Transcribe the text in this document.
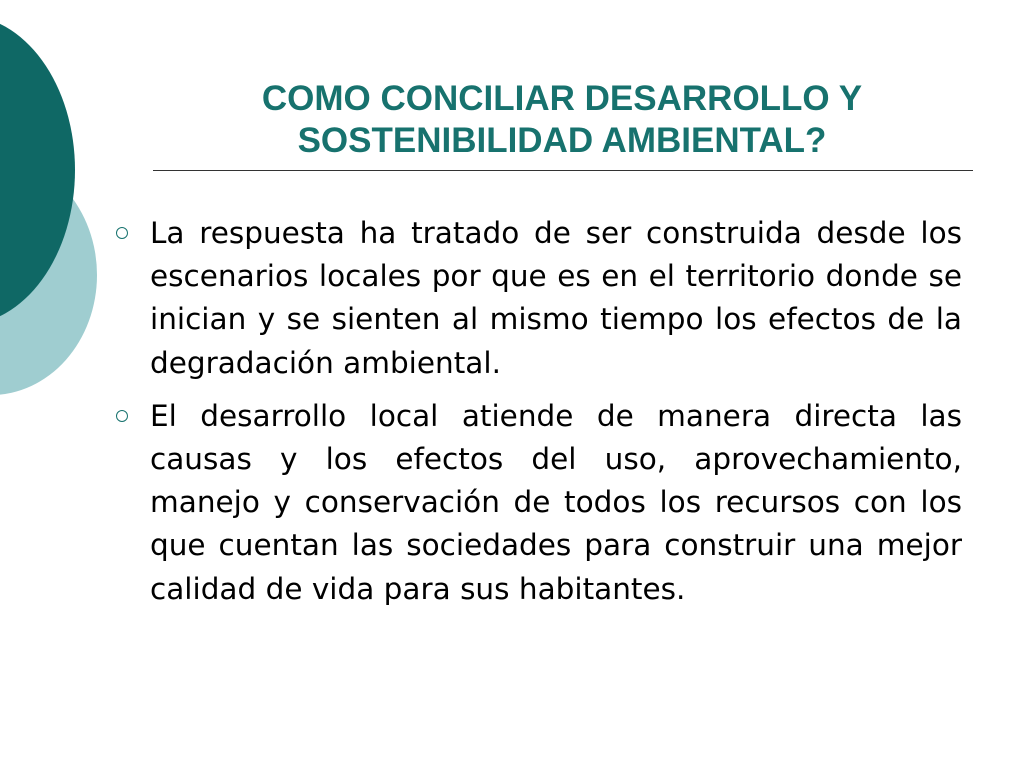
COMO CONCILIAR DESARROLLO Y SOSTENIBILIDAD AMBIENTAL?
La respuesta ha tratado de ser construida desde los escenarios locales por que es en el territorio donde se inician y se sienten al mismo tiempo los efectos de la degradación ambiental.
El desarrollo local atiende de manera directa las causas y los efectos del uso, aprovechamiento, manejo y conservación de todos los recursos con los que cuentan las sociedades para construir una mejor calidad de vida para sus habitantes.
